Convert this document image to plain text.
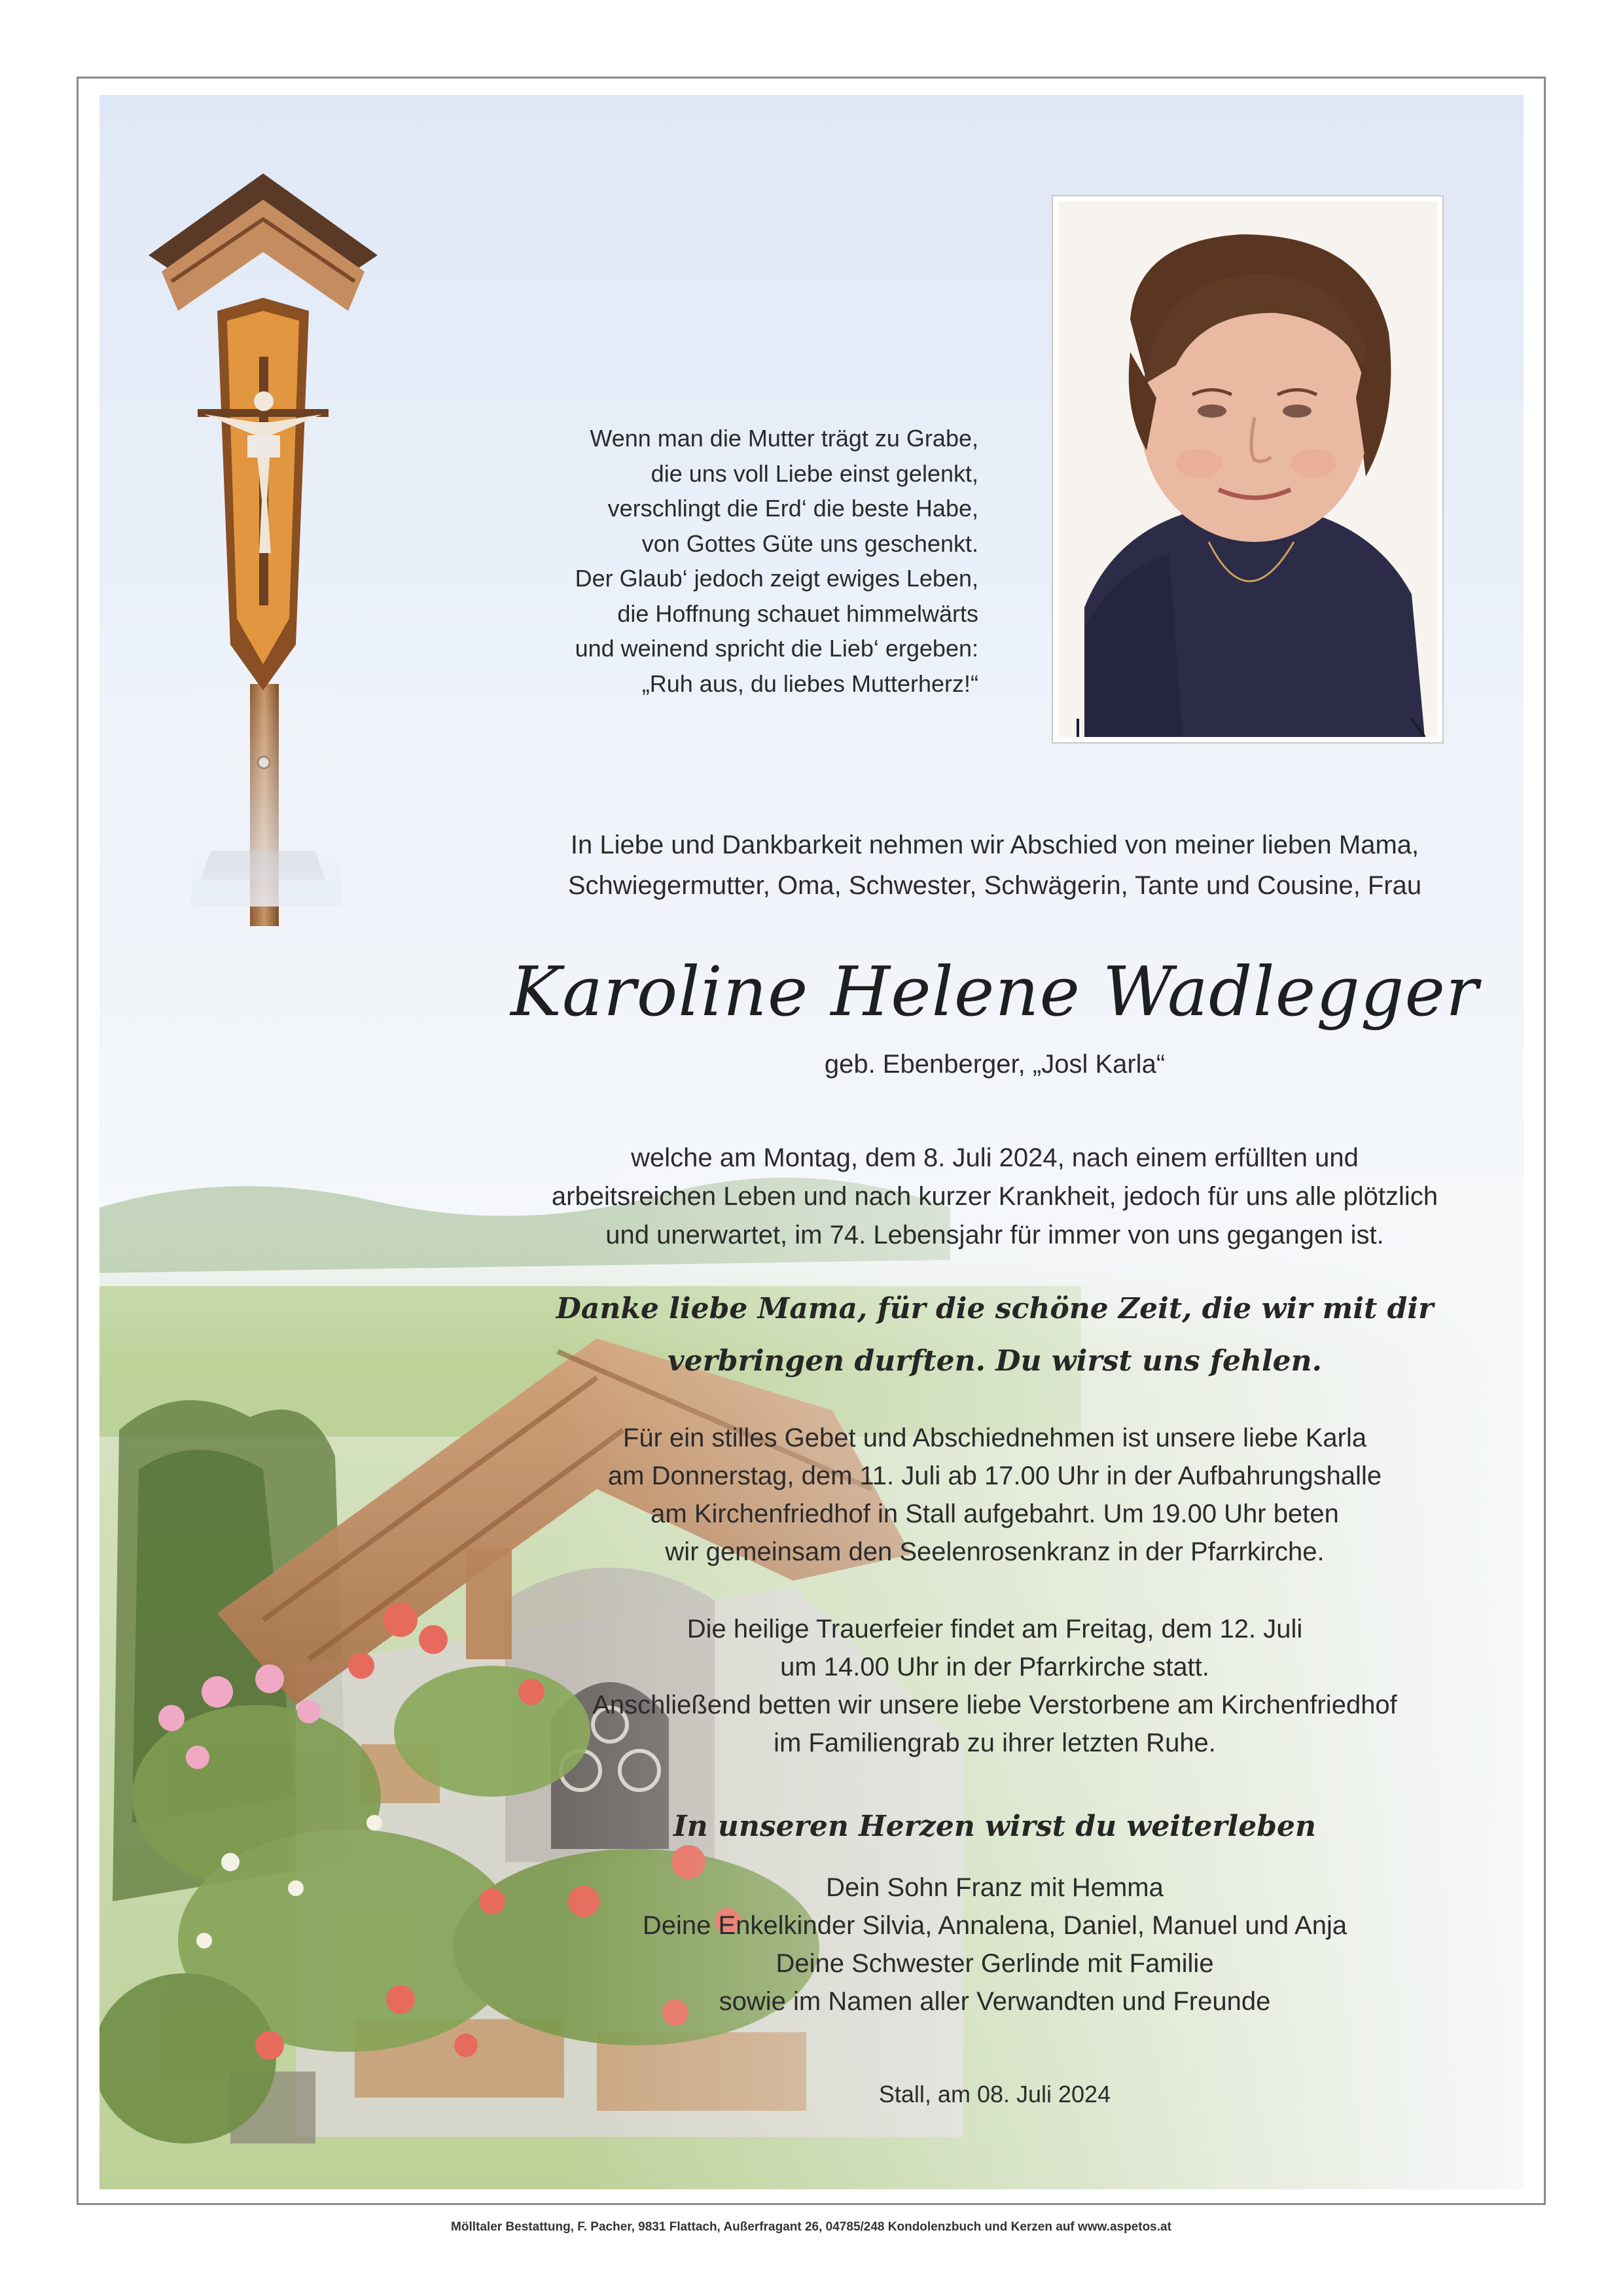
Wenn man die Mutter trägt zu Grabe,
die uns voll Liebe einst gelenkt,
verschlingt die Erd‘ die beste Habe,
von Gottes Güte uns geschenkt.
Der Glaub‘ jedoch zeigt ewiges Leben,
die Hoffnung schauet himmelwärts
und weinend spricht die Lieb‘ ergeben:
„Ruh aus, du liebes Mutterherz!“
In Liebe und Dankbarkeit nehmen wir Abschied von meiner lieben Mama,
Schwiegermutter, Oma, Schwester, Schwägerin, Tante und Cousine, Frau
Karoline Helene Wadlegger
geb. Ebenberger, „Josl Karla“
welche am Montag, dem 8. Juli 2024, nach einem erfüllten und
arbeitsreichen Leben und nach kurzer Krankheit, jedoch für uns alle plötzlich
und unerwartet, im 74. Lebensjahr für immer von uns gegangen ist.
Danke liebe Mama, für die schöne Zeit, die wir mit dir
verbringen durften. Du wirst uns fehlen.
Für ein stilles Gebet und Abschiednehmen ist unsere liebe Karla
am Donnerstag, dem 11. Juli ab 17.00 Uhr in der Aufbahrungshalle
am Kirchenfriedhof in Stall aufgebahrt. Um 19.00 Uhr beten
wir gemeinsam den Seelenrosenkranz in der Pfarrkirche.
Die heilige Trauerfeier findet am Freitag, dem 12. Juli
um 14.00 Uhr in der Pfarrkirche statt.
Anschließend betten wir unsere liebe Verstorbene am Kirchenfriedhof
im Familiengrab zu ihrer letzten Ruhe.
In unseren Herzen wirst du weiterleben
Dein Sohn Franz mit Hemma
Deine Enkelkinder Silvia, Annalena, Daniel, Manuel und Anja
Deine Schwester Gerlinde mit Familie
sowie im Namen aller Verwandten und Freunde
Stall, am 08. Juli 2024
Mölltaler Bestattung, F. Pacher, 9831 Flattach, Außerfragant 26, 04785/248 Kondolenzbuch und Kerzen auf www.aspetos.at
